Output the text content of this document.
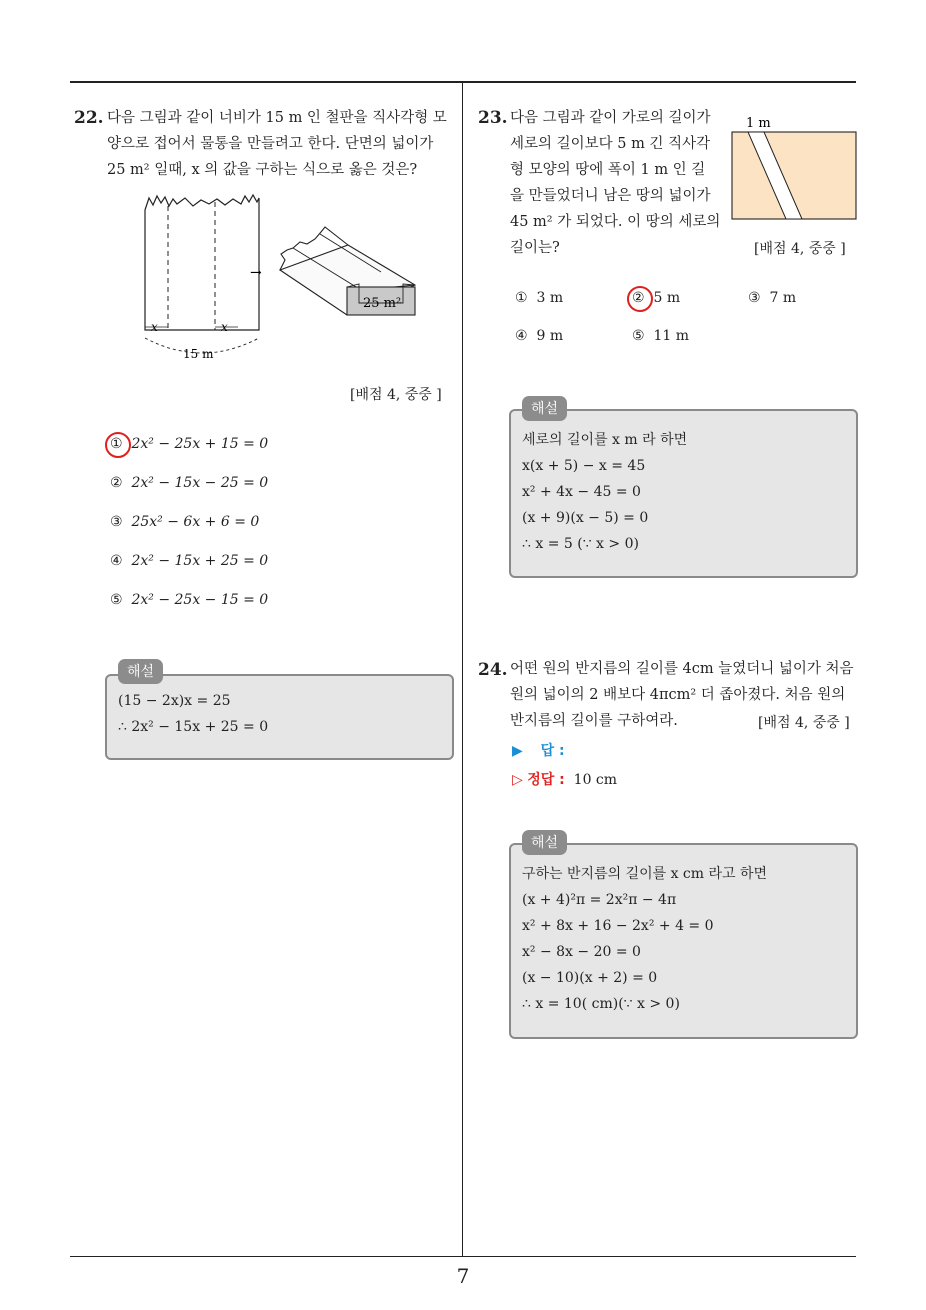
22. 다음 그림과 같이 너비가 15 m 인 철판을 직사각형 모
양으로 접어서 물통을 만들려고 한다. 단면의 넓이가
25 m² 일때, x 의 값을 구하는 식으로 옳은 것은?
x	x
15 m
→
25 m²
[배점 4, 중중 ]
① 2x² − 25x + 15 = 0
② 2x² − 15x − 25 = 0
③ 25x² − 6x + 6 = 0
④ 2x² − 15x + 25 = 0
⑤ 2x² − 25x − 15 = 0
해설
(15 − 2x)x = 25
∴ 2x² − 15x + 25 = 0
23. 다음 그림과 같이 가로의 길이가
세로의 길이보다 5 m 긴 직사각
형 모양의 땅에 폭이 1 m 인 길
을 만들었더니 남은 땅의 넓이가
45 m² 가 되었다. 이 땅의 세로의
길이는?
1 m
[배점 4, 중중 ]
① 3 m	② 5 m	③ 7 m
④ 9 m	⑤ 11 m
해설
세로의 길이를 x m 라 하면
x(x + 5) − x = 45
x² + 4x − 45 = 0
(x + 9)(x − 5) = 0
∴ x = 5 (∵ x > 0)
24. 어떤 원의 반지름의 길이를 4cm 늘였더니 넓이가 처음
원의 넓이의 2 배보다 4πcm² 더 좁아졌다. 처음 원의
반지름의 길이를 구하여라.	[배점 4, 중중 ]
▶ 답 :
▷ 정답 : 10 cm
해설
구하는 반지름의 길이를 x cm 라고 하면
(x + 4)²π = 2x²π − 4π
x² + 8x + 16 − 2x² + 4 = 0
x² − 8x − 20 = 0
(x − 10)(x + 2) = 0
∴ x = 10( cm)(∵ x > 0)
7
